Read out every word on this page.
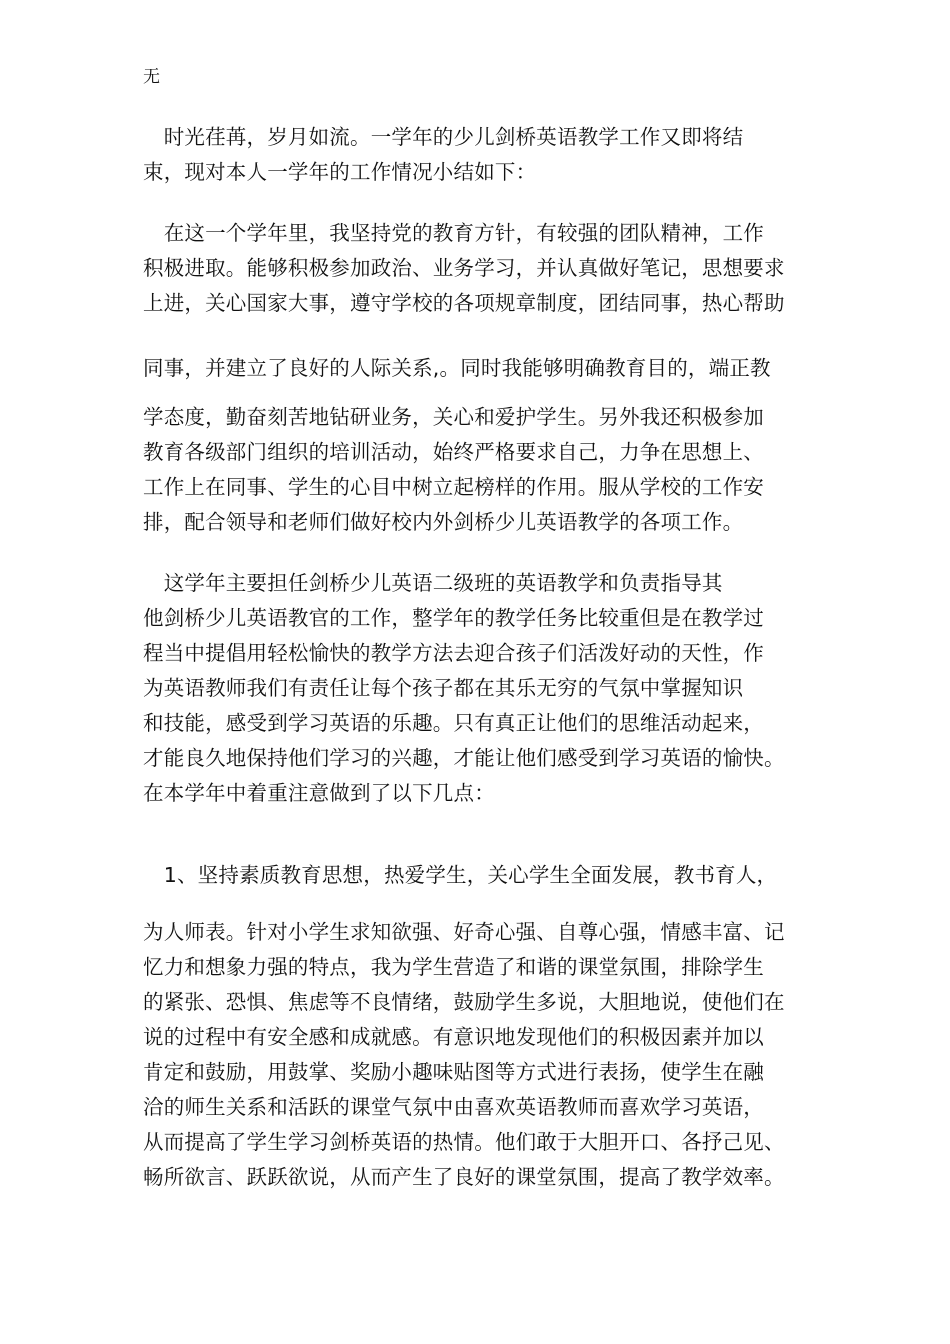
无
　时光荏苒，岁月如流。一学年的少儿剑桥英语教学工作又即将结
束，现对本人一学年的工作情况小结如下：
　在这一个学年里，我坚持党的教育方针，有较强的团队精神，工作
积极进取。能够积极参加政治、业务学习，并认真做好笔记，思想要求
上进，关心国家大事，遵守学校的各项规章制度，团结同事，热心帮助
同事，并建立了良好的人际关系,。同时我能够明确教育目的，端正教
学态度，勤奋刻苦地钻研业务，关心和爱护学生。另外我还积极参加
教育各级部门组织的培训活动，始终严格要求自己，力争在思想上、
工作上在同事、学生的心目中树立起榜样的作用。服从学校的工作安
排，配合领导和老师们做好校内外剑桥少儿英语教学的各项工作。
　这学年主要担任剑桥少儿英语二级班的英语教学和负责指导其
他剑桥少儿英语教官的工作，整学年的教学任务比较重但是在教学过
程当中提倡用轻松愉快的教学方法去迎合孩子们活泼好动的天性，作
为英语教师我们有责任让每个孩子都在其乐无穷的气氛中掌握知识
和技能，感受到学习英语的乐趣。只有真正让他们的思维活动起来，
才能良久地保持他们学习的兴趣，才能让他们感受到学习英语的愉快。
在本学年中着重注意做到了以下几点：
　1、坚持素质教育思想，热爱学生，关心学生全面发展，教书育人，
为人师表。针对小学生求知欲强、好奇心强、自尊心强，情感丰富、记
忆力和想象力强的特点，我为学生营造了和谐的课堂氛围，排除学生
的紧张、恐惧、焦虑等不良情绪，鼓励学生多说，大胆地说，使他们在
说的过程中有安全感和成就感。有意识地发现他们的积极因素并加以
肯定和鼓励，用鼓掌、奖励小趣味贴图等方式进行表扬，使学生在融
洽的师生关系和活跃的课堂气氛中由喜欢英语教师而喜欢学习英语，
从而提高了学生学习剑桥英语的热情。他们敢于大胆开口、各抒己见、
畅所欲言、跃跃欲说，从而产生了良好的课堂氛围，提高了教学效率。
